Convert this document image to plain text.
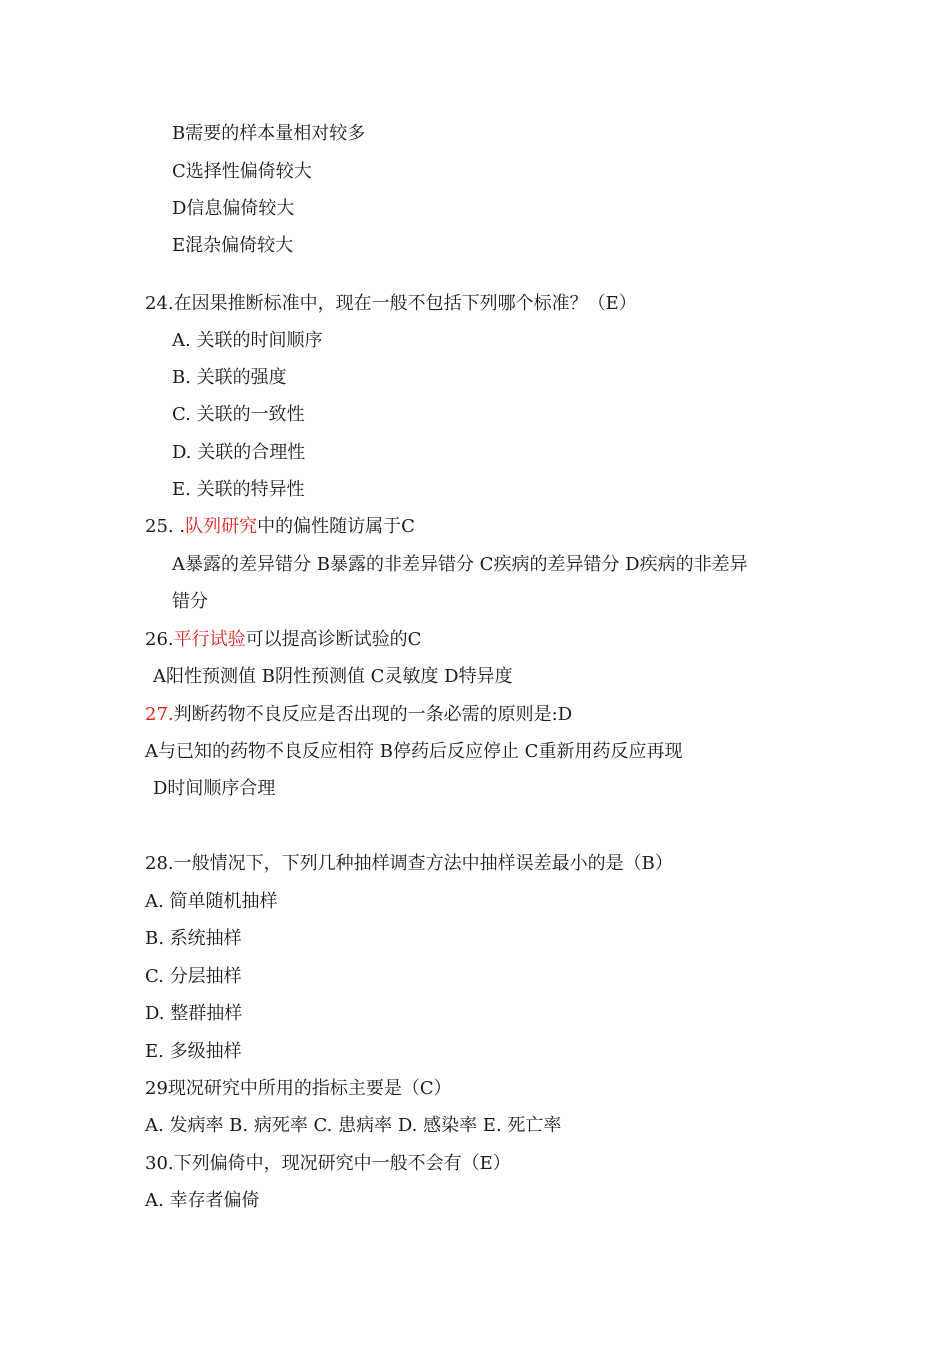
B需要的样本量相对较多
C选择性偏倚较大
D信息偏倚较大
E混杂偏倚较大
24.在因果推断标准中，现在一般不包括下列哪个标准？（E）
A. 关联的时间顺序
B. 关联的强度
C. 关联的一致性
D. 关联的合理性
E. 关联的特异性
25. .队列研究中的偏性随访属于C
A暴露的差异错分 B暴露的非差异错分 C疾病的差异错分 D疾病的非差异
错分
26.平行试验可以提高诊断试验的C
A阳性预测值 B阴性预测值 C灵敏度 D特异度
27.判断药物不良反应是否出现的一条必需的原则是:D
A与已知的药物不良反应相符 B停药后反应停止 C重新用药反应再现
D时间顺序合理
28.一般情况下，下列几种抽样调查方法中抽样误差最小的是（B）
A. 简单随机抽样
B. 系统抽样
C. 分层抽样
D. 整群抽样
E. 多级抽样
29现况研究中所用的指标主要是（C）
A. 发病率 B. 病死率 C. 患病率 D. 感染率 E. 死亡率
30.下列偏倚中，现况研究中一般不会有（E）
A. 幸存者偏倚
